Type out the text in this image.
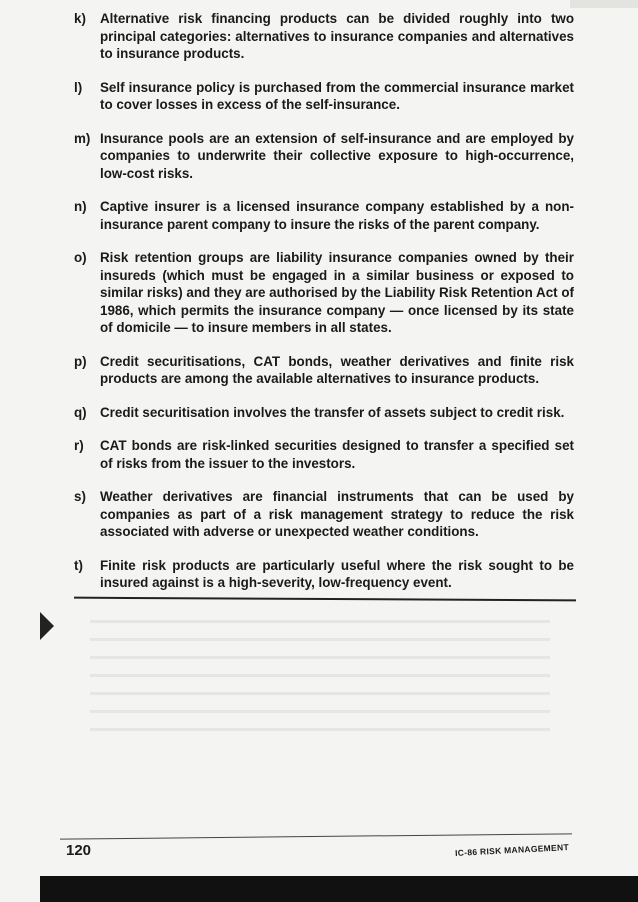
k)	Alternative risk financing products can be divided roughly into two principal categories: alternatives to insurance companies and alternatives to insurance products.
l)	Self insurance policy is purchased from the commercial insurance market to cover losses in excess of the self-insurance.
m) Insurance pools are an extension of self-insurance and are employed by companies to underwrite their collective exposure to high-occurrence, low-cost risks.
n) Captive insurer is a licensed insurance company established by a non-insurance parent company to insure the risks of the parent company.
o) Risk retention groups are liability insurance companies owned by their insureds (which must be engaged in a similar business or exposed to similar risks) and they are authorised by the Liability Risk Retention Act of 1986, which permits the insurance company — once licensed by its state of domicile — to insure members in all states.
p) Credit securitisations, CAT bonds, weather derivatives and finite risk products are among the available alternatives to insurance products.
q) Credit securitisation involves the transfer of assets subject to credit risk.
r)	CAT bonds are risk-linked securities designed to transfer a specified set of risks from the issuer to the investors.
s)	Weather derivatives are financial instruments that can be used by companies as part of a risk management strategy to reduce the risk associated with adverse or unexpected weather conditions.
t)	Finite risk products are particularly useful where the risk sought to be insured against is a high-severity, low-frequency event.
120	IC-86 RISK MANAGEMENT
